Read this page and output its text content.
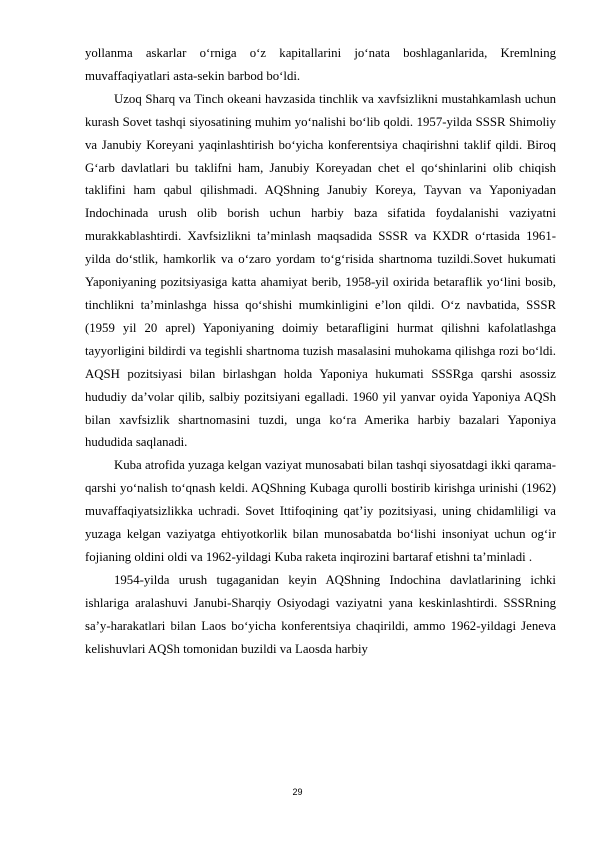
yollanma askarlar o‘rniga o‘z kapitallarini jo‘nata boshlaganlarida, Kremlning muvaffaqiyatlari asta-sekin barbod bo‘ldi.

Uzoq Sharq va Tinch okeani havzasida tinchlik va xavfsizlikni mustahkamlash uchun kurash Sovet tashqi siyosatining muhim yo‘nalishi bo‘lib qoldi. 1957-yilda SSSR Shimoliy va Janubiy Koreyani yaqinlashtirish bo‘yicha konferentsiya chaqirishni taklif qildi. Biroq G‘arb davlatlari bu taklifni ham, Janubiy Koreyadan chet el qo‘shinlarini olib chiqish taklifini ham qabul qilishmadi. AQShning Janubiy Koreya, Tayvan va Yaponiyadan Indochinada urush olib borish uchun harbiy baza sifatida foydalanishi vaziyatni murakkablashtirdi. Xavfsizlikni ta’minlash maqsadida SSSR va KXDR o‘rtasida 1961-yilda do‘stlik, hamkorlik va o‘zaro yordam to‘g‘risida shartnoma tuzildi.Sovet hukumati Yaponiyaning pozitsiyasiga katta ahamiyat berib, 1958-yil oxirida betaraflik yo‘lini bosib, tinchlikni ta’minlashga hissa qo‘shishi mumkinligini e’lon qildi. O‘z navbatida, SSSR (1959 yil 20 aprel) Yaponiyaning doimiy betarafligini hurmat qilishni kafolatlashga tayyorligini bildirdi va tegishli shartnoma tuzish masalasini muhokama qilishga rozi bo‘ldi. AQSH pozitsiyasi bilan birlashgan holda Yaponiya hukumati SSSRga qarshi asossiz hududiy da’volar qilib, salbiy pozitsiyani egalladi. 1960 yil yanvar oyida Yaponiya AQSh bilan xavfsizlik shartnomasini tuzdi, unga ko‘ra Amerika harbiy bazalari Yaponiya hududida saqlanadi.

Kuba atrofida yuzaga kelgan vaziyat munosabati bilan tashqi siyosatdagi ikki qarama-qarshi yo‘nalish to‘qnash keldi. AQShning Kubaga qurolli bostirib kirishga urinishi (1962) muvaffaqiyatsizlikka uchradi. Sovet Ittifoqining qat’iy pozitsiyasi, uning chidamliligi va yuzaga kelgan vaziyatga ehtiyotkorlik bilan munosabatda bo‘lishi insoniyat uchun og‘ir fojianing oldini oldi va 1962-yildagi Kuba raketa inqirozini bartaraf etishni ta’minladi .

1954-yilda urush tugaganidan keyin AQShning Indochina davlatlarining ichki ishlariga aralashuvi Janubi-Sharqiy Osiyodagi vaziyatni yana keskinlashtirdi. SSSRning sa’y-harakatlari bilan Laos bo‘yicha konferentsiya chaqirildi, ammo 1962-yildagi Jeneva kelishuvlari AQSh tomonidan buzildi va Laosda harbiy

29
